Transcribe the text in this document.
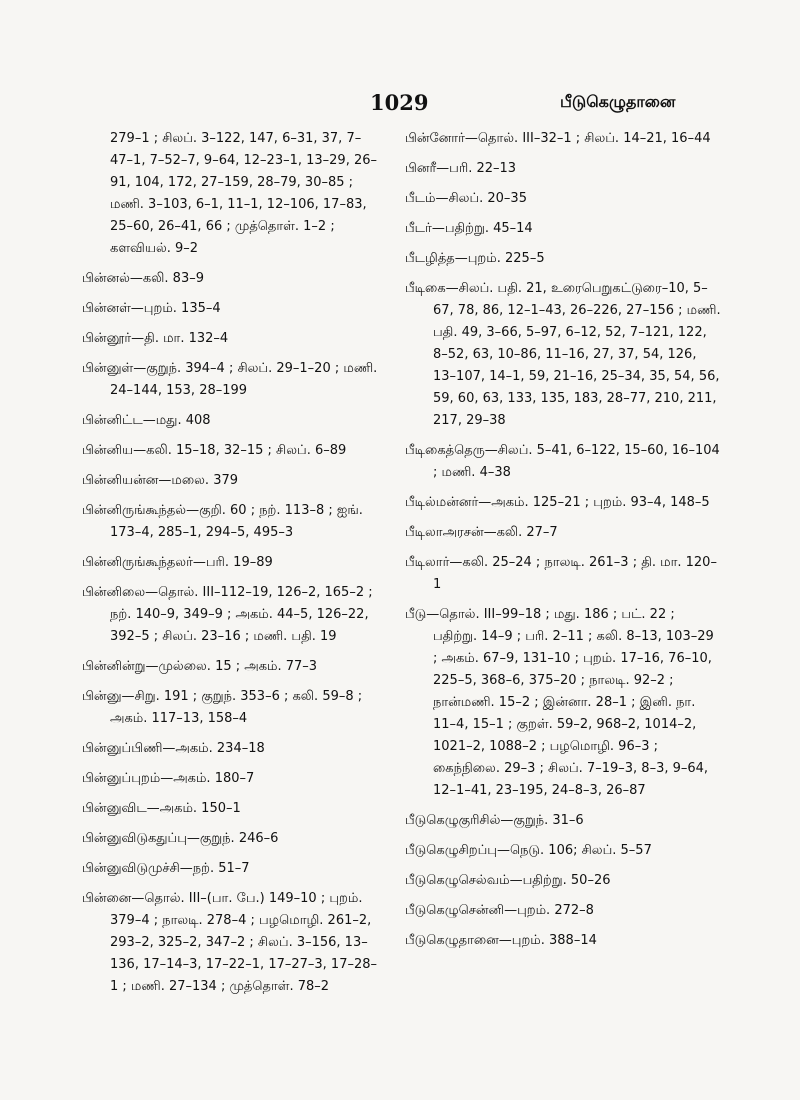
1029	பீடுகெழுதானை
279–1 ; சிலப். 3–122, 147, 6–31, 37, 7–47–1, 7–52–7, 9–64, 12–23–1, 13–29, 26–91, 104, 172, 27–159, 28–79, 30–85 ; மணி. 3–103, 6–1, 11–1, 12–106, 17–83, 25–60, 26–41, 66 ; முத்தொள். 1–2 ; களவியல். 9–2
பின்னல்—கலி. 83–9
பின்னள்—புறம். 135–4
பின்னூர்—தி. மா. 132–4
பின்னுள்—குறுந். 394–4 ; சிலப். 29–1–20 ; மணி. 24–144, 153, 28–199
பின்னிட்ட—மது. 408
பின்னிய—கலி. 15–18, 32–15 ; சிலப். 6–89
பின்னியன்ன—மலை. 379
பின்னிருங்கூந்தல்—குறி. 60 ; நற். 113–8 ; ஐங். 173–4, 285–1, 294–5, 495–3
பின்னிருங்கூந்தலர்—பரி. 19–89
பின்னிலை—தொல். III–112–19, 126–2, 165–2 ; நற். 140–9, 349–9 ; அகம். 44–5, 126–22, 392–5 ; சிலப். 23–16 ; மணி. பதி. 19
பின்னின்று—முல்லை. 15 ; அகம். 77–3
பின்னு—சிறு. 191 ; குறுந். 353–6 ; கலி. 59–8 ; அகம். 117–13, 158–4
பின்னுப்பிணி—அகம். 234–18
பின்னுப்புறம்—அகம். 180–7
பின்னுவிட—அகம். 150–1
பின்னுவிடுகதுப்பு—குறுந். 246–6
பின்னுவிடுமுச்சி—நற். 51–7
பின்னை—தொல். III–(பா. பே.) 149–10 ; புறம். 379–4 ; நாலடி. 278–4 ; பழமொழி. 261–2, 293–2, 325–2, 347–2 ; சிலப். 3–156, 13–136, 17–14–3, 17–22–1, 17–27–3, 17–28–1 ; மணி. 27–134 ; முத்தொள். 78–2
பின்னோர்—தொல். III–32–1 ; சிலப். 14–21, 16–44
பினரீ—பரி. 22–13
பீடம்—சிலப். 20–35
பீடர்—பதிற்று. 45–14
பீடழித்த—புறம். 225–5
பீடிகை—சிலப். பதி. 21, உரைபெறுகட்டுரை–10, 5–67, 78, 86, 12–1–43, 26–226, 27–156 ; மணி. பதி. 49, 3–66, 5–97, 6–12, 52, 7–121, 122, 8–52, 63, 10–86, 11–16, 27, 37, 54, 126, 13–107, 14–1, 59, 21–16, 25–34, 35, 54, 56, 59, 60, 63, 133, 135, 183, 28–77, 210, 211, 217, 29–38
பீடிகைத்தெரு—சிலப். 5–41, 6–122, 15–60, 16–104 ; மணி. 4–38
பீடில்மன்னர்—அகம். 125–21 ; புறம். 93–4, 148–5
பீடிலாஅரசன்—கலி. 27–7
பீடிலார்—கலி. 25–24 ; நாலடி. 261–3 ; தி. மா. 120–1
பீடு—தொல். III–99–18 ; மது. 186 ; பட். 22 ; பதிற்று. 14–9 ; பரி. 2–11 ; கலி. 8–13, 103–29 ; அகம். 67–9, 131–10 ; புறம். 17–16, 76–10, 225–5, 368–6, 375–20 ; நாலடி. 92–2 ; நான்மணி. 15–2 ; இன்னா. 28–1 ; இனி. நா. 11–4, 15–1 ; குறள். 59–2, 968–2, 1014–2, 1021–2, 1088–2 ; பழமொழி. 96–3 ; கைந்நிலை. 29–3 ; சிலப். 7–19–3, 8–3, 9–64, 12–1–41, 23–195, 24–8–3, 26–87
பீடுகெழுகுரிசில்—குறுந். 31–6
பீடுகெழுசிறப்பு—நெடு. 106; சிலப். 5–57
பீடுகெழுசெல்வம்—பதிற்று. 50–26
பீடுகெழுசென்னி—புறம். 272–8
பீடுகெழுதானை—புறம். 388–14
